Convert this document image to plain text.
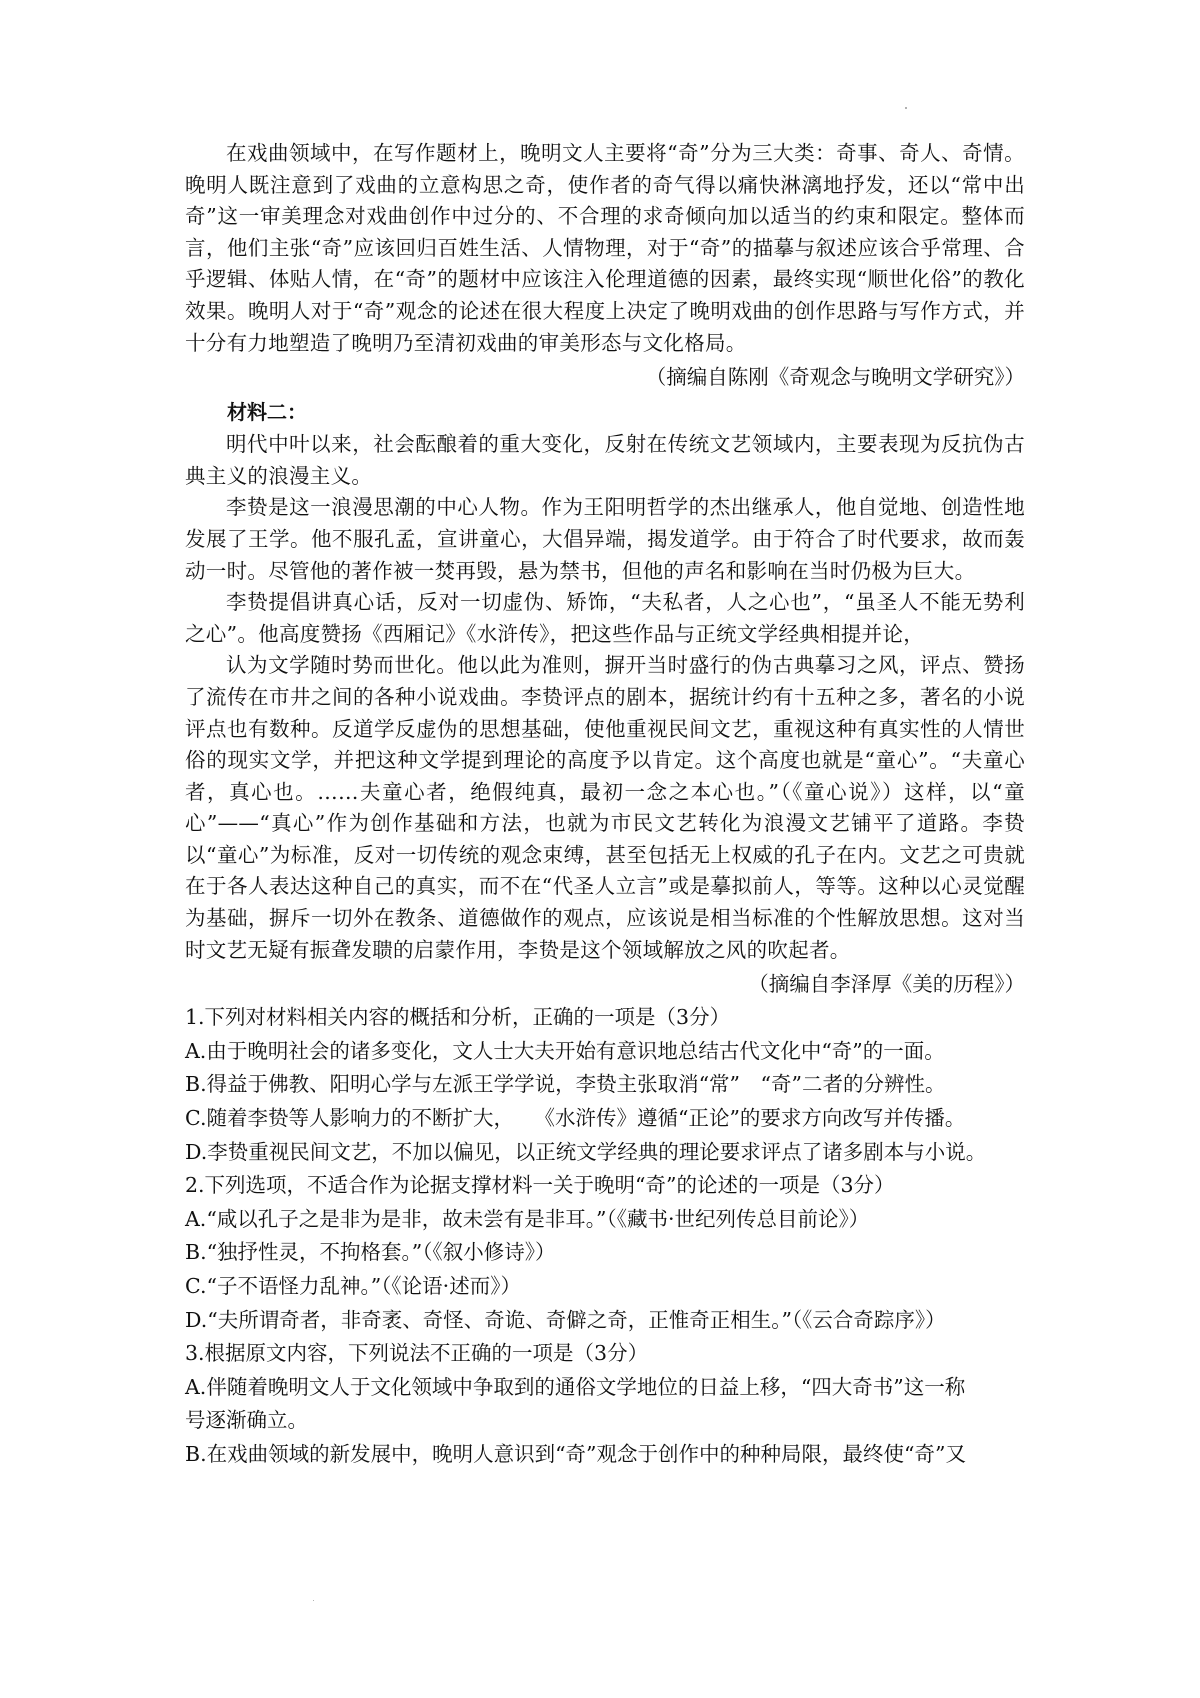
在戏曲领域中，在写作题材上，晚明文人主要将“奇”分为三大类：奇事、奇人、奇情。晚明人既注意到了戏曲的立意构思之奇，使作者的奇气得以痛快淋漓地抒发，还以“常中出奇”这一审美理念对戏曲创作中过分的、不合理的求奇倾向加以适当的约束和限定。整体而言，他们主张“奇”应该回归百姓生活、人情物理，对于“奇”的描摹与叙述应该合乎常理、合乎逻辑、体贴人情，在“奇”的题材中应该注入伦理道德的因素，最终实现“顺世化俗”的教化效果。晚明人对于“奇”观念的论述在很大程度上决定了晚明戏曲的创作思路与写作方式，并十分有力地塑造了晚明乃至清初戏曲的审美形态与文化格局。

（摘编自陈刚《奇观念与晚明文学研究》）

材料二：

明代中叶以来，社会酝酿着的重大变化，反射在传统文艺领域内，主要表现为反抗伪古典主义的浪漫主义。

李贽是这一浪漫思潮的中心人物。作为王阳明哲学的杰出继承人，他自觉地、创造性地发展了王学。他不服孔孟，宣讲童心，大倡异端，揭发道学。由于符合了时代要求，故而轰动一时。尽管他的著作被一焚再毁，悬为禁书，但他的声名和影响在当时仍极为巨大。

李贽提倡讲真心话，反对一切虚伪、矫饰，“夫私者，人之心也”，“虽圣人不能无势利之心”。他高度赞扬《西厢记》《水浒传》，把这些作品与正统文学经典相提并论，

认为文学随时势而世化。他以此为准则，摒开当时盛行的伪古典摹习之风，评点、赞扬了流传在市井之间的各种小说戏曲。李贽评点的剧本，据统计约有十五种之多，著名的小说评点也有数种。反道学反虚伪的思想基础，使他重视民间文艺，重视这种有真实性的人情世俗的现实文学，并把这种文学提到理论的高度予以肯定。这个高度也就是“童心”。“夫童心者，真心也。……夫童心者，绝假纯真，最初一念之本心也。”（《童心说》）这样，以“童心”——“真心”作为创作基础和方法，也就为市民文艺转化为浪漫文艺铺平了道路。李贽以“童心”为标准，反对一切传统的观念束缚，甚至包括无上权威的孔子在内。文艺之可贵就在于各人表达这种自己的真实，而不在“代圣人立言”或是摹拟前人，等等。这种以心灵觉醒为基础，摒斥一切外在教条、道德做作的观点，应该说是相当标准的个性解放思想。这对当时文艺无疑有振聋发聩的启蒙作用，李贽是这个领域解放之风的吹起者。

（摘编自李泽厚《美的历程》）

1.下列对材料相关内容的概括和分析，正确的一项是（3分）

A.由于晚明社会的诸多变化，文人士大夫开始有意识地总结古代文化中“奇”的一面。

B.得益于佛教、阳明心学与左派王学学说，李贽主张取消“常”　“奇”二者的分辨性。

C.随着李贽等人影响力的不断扩大，　　《水浒传》遵循“正论”的要求方向改写并传播。

D.李贽重视民间文艺，不加以偏见，以正统文学经典的理论要求评点了诸多剧本与小说。

2.下列选项，不适合作为论据支撑材料一关于晚明“奇”的论述的一项是（3分）

A.“咸以孔子之是非为是非，故未尝有是非耳。”（《藏书·世纪列传总目前论》）

B.“独抒性灵，不拘格套。”（《叙小修诗》）

C.“子不语怪力乱神。”（《论语·述而》）

D.“夫所谓奇者，非奇袤、奇怪、奇诡、奇僻之奇，正惟奇正相生。”（《云合奇踪序》）

3.根据原文内容，下列说法不正确的一项是（3分）

A.伴随着晚明文人于文化领域中争取到的通俗文学地位的日益上移，“四大奇书”这一称号逐渐确立。

B.在戏曲领域的新发展中，晚明人意识到“奇”观念于创作中的种种局限，最终使“奇”又
